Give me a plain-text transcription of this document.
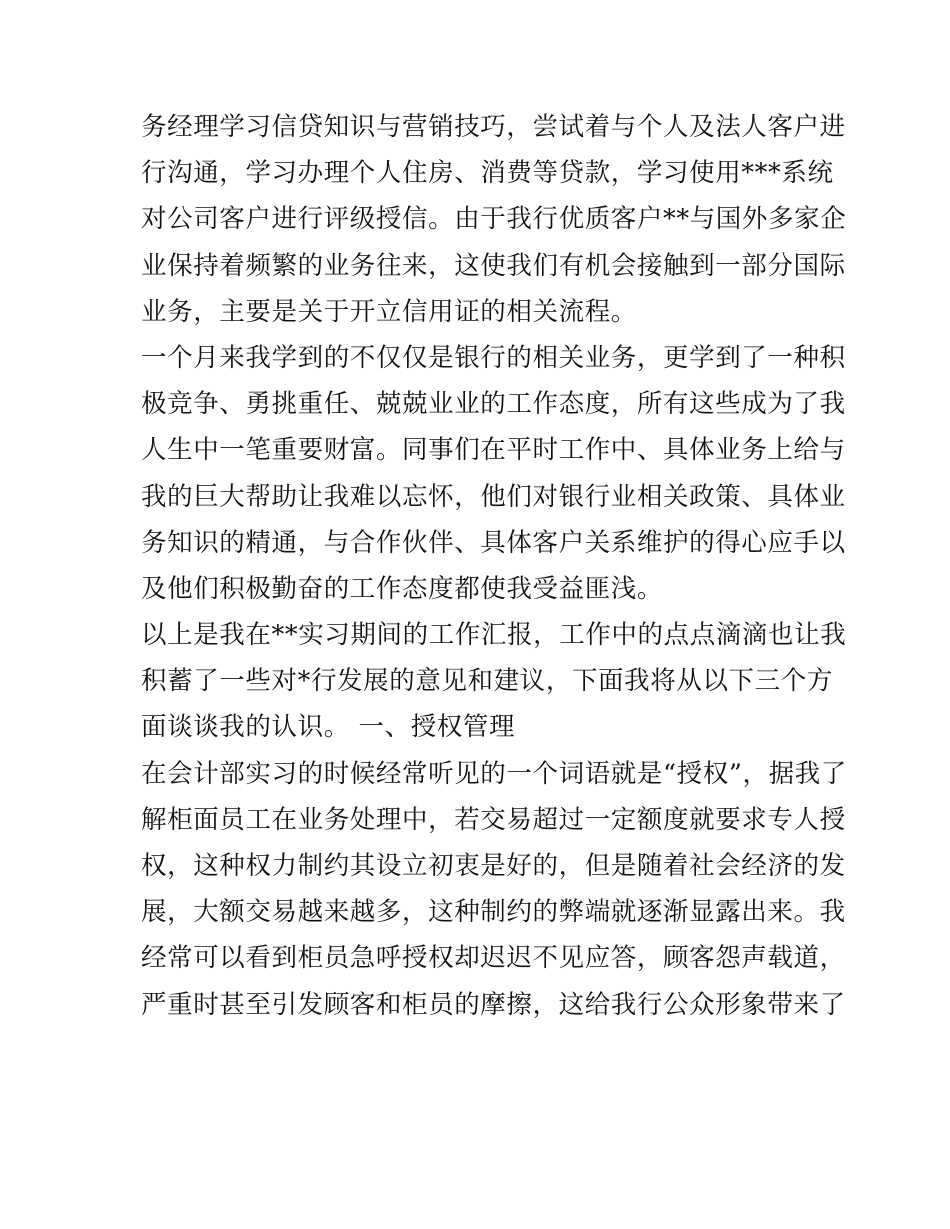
务经理学习信贷知识与营销技巧，尝试着与个人及法人客户进
行沟通，学习办理个人住房、消费等贷款，学习使用***系统
对公司客户进行评级授信。由于我行优质客户**与国外多家企
业保持着频繁的业务往来，这使我们有机会接触到一部分国际
业务，主要是关于开立信用证的相关流程。
一个月来我学到的不仅仅是银行的相关业务，更学到了一种积
极竞争、勇挑重任、兢兢业业的工作态度，所有这些成为了我
人生中一笔重要财富。同事们在平时工作中、具体业务上给与
我的巨大帮助让我难以忘怀，他们对银行业相关政策、具体业
务知识的精通，与合作伙伴、具体客户关系维护的得心应手以
及他们积极勤奋的工作态度都使我受益匪浅。
以上是我在**实习期间的工作汇报，工作中的点点滴滴也让我
积蓄了一些对*行发展的意见和建议，下面我将从以下三个方
面谈谈我的认识。 一、授权管理
在会计部实习的时候经常听见的一个词语就是“授权”，据我了
解柜面员工在业务处理中，若交易超过一定额度就要求专人授
权，这种权力制约其设立初衷是好的，但是随着社会经济的发
展，大额交易越来越多，这种制约的弊端就逐渐显露出来。我
经常可以看到柜员急呼授权却迟迟不见应答，顾客怨声载道，
严重时甚至引发顾客和柜员的摩擦，这给我行公众形象带来了
